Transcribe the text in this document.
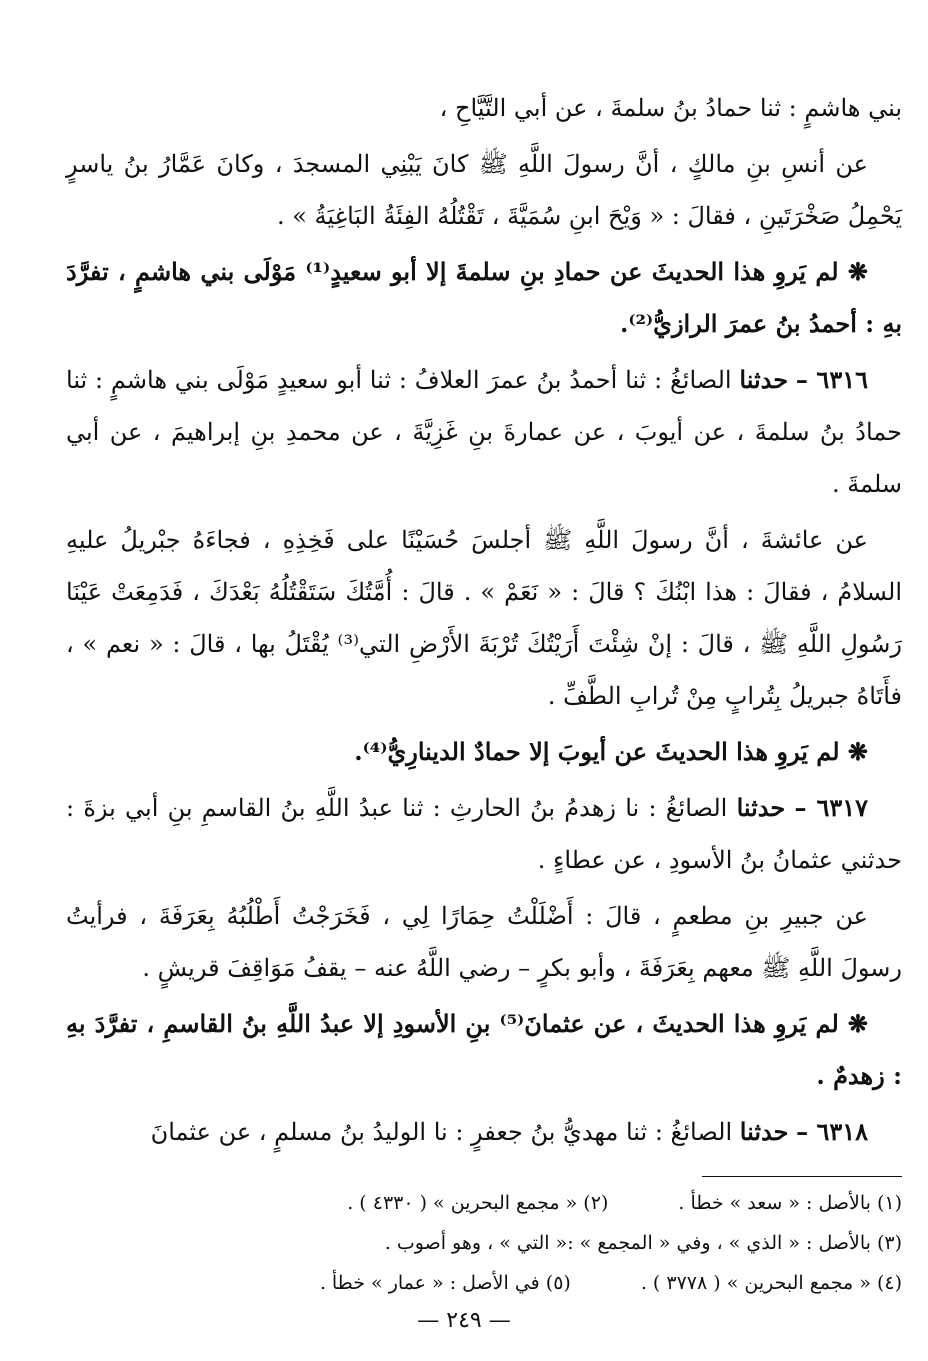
بني هاشمٍ : ثنا حمادُ بنُ سلمةَ ، عن أبي التَّيَّاحِ ،

عن أنسِ بنِ مالكٍ ، أنَّ رسولَ اللَّهِ ﷺ كانَ يَبْنِي المسجدَ ، وكانَ عَمَّارُ بنُ ياسرٍ يَحْمِلُ صَخْرَتَينِ ، فقالَ : « وَيْحَ ابنِ سُمَيَّةَ ، تَقْتُلُهُ الفِئَةُ البَاغِيَةُ » .

❋ لم يَروِ هذا الحديثَ عن حمادِ بنِ سلمةَ إلا أبو سعيدٍ⁽¹⁾ مَوْلَى بني هاشمٍ ، تفرَّدَ بهِ : أحمدُ بنُ عمرَ الرازيُّ⁽²⁾.

٦٣١٦ – حدثنا الصائغُ : ثنا أحمدُ بنُ عمرَ العلافُ : ثنا أبو سعيدٍ مَوْلَى بني هاشمٍ : ثنا حمادُ بنُ سلمةَ ، عن أيوبَ ، عن عمارةَ بنِ غَزِيَّةَ ، عن محمدِ بنِ إبراهيمَ ، عن أبي سلمةَ .

عن عائشةَ ، أنَّ رسولَ اللَّهِ ﷺ أجلسَ حُسَيْنًا على فَخِذِهِ ، فجاءَهُ جبْريلُ عليهِ السلامُ ، فقالَ : هذا ابْنُكَ ؟ قالَ : « نَعَمْ » . قالَ : أُمَّتُكَ سَتَقْتُلُهُ بَعْدَكَ ، فَدَمِعَتْ عَيْنَا رَسُولِ اللَّهِ ﷺ ، قالَ : إنْ شِئْتَ أَرَيْتُكَ تُرْبَةَ الأَرْضِ التي⁽³⁾ يُقْتَلُ بها ، قالَ : « نعم » ، فأَتَاهُ جبريلُ بِتُرابٍ مِنْ تُرابِ الطَّفِّ .

❋ لم يَروِ هذا الحديثَ عن أيوبَ إلا حمادٌ الدينارِيُّ⁽⁴⁾.

٦٣١٧ – حدثنا الصائغُ : نا زهدمُ بنُ الحارثِ : ثنا عبدُ اللَّهِ بنُ القاسمِ بنِ أبي بزةَ : حدثني عثمانُ بنُ الأسودِ ، عن عطاءٍ .

عن جبيرِ بنِ مطعمٍ ، قالَ : أَضْلَلْتُ حِمَارًا لِي ، فَخَرَجْتُ أَطْلُبُهُ بِعَرَفَةَ ، فرأيتُ رسولَ اللَّهِ ﷺ معهم بِعَرَفَةَ ، وأبو بكرٍ – رضي اللَّهُ عنه – يقفُ مَوَاقِفَ قريشٍ .

❋ لم يَروِ هذا الحديثَ ، عن عثمانَ⁽⁵⁾ بنِ الأسودِ إلا عبدُ اللَّهِ بنُ القاسمِ ، تفرَّدَ بهِ : زهدمٌ .

٦٣١٨ – حدثنا الصائغُ : ثنا مهديُّ بنُ جعفرٍ : نا الوليدُ بنُ مسلمٍ ، عن عثمانَ

(١) بالأصل : « سعد » خطأ .
(٢) « مجمع البحرين » ( ٤٣٣٠ ) .
(٣) بالأصل : « الذي » ، وفي « المجمع » :« التي » ، وهو أصوب .
(٤) « مجمع البحرين » ( ٣٧٧٨ ) .
(٥) في الأصل : « عمار » خطأ .
— ٢٤٩ —
